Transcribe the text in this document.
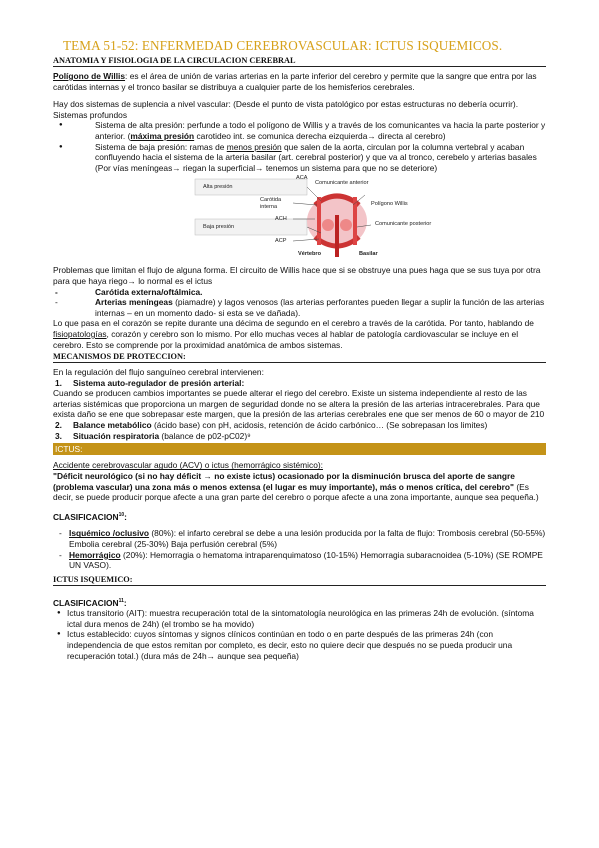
TEMA 51-52: ENFERMEDAD CEREBROVASCULAR: ICTUS ISQUEMICOS.
ANATOMIA Y FISIOLOGIA DE LA CIRCULACION CEREBRAL

Polígono de Willis: es el área de unión de varias arterias en la parte inferior del cerebro y permite que la sangre que entra por las carótidas internas y el tronco basilar se distribuya a cualquier parte de los hemisferios cerebrales.

Hay dos sistemas de suplencia a nivel vascular: (Desde el punto de vista patológico por estas estructuras no debería ocurrir). Sistemas profundos

● Sistema de alta presión: perfunde a todo el polígono de Willis y a través de los comunicantes va hacia la parte posterior y anterior. (máxima presión carotideo int. se comunica derecha eizquierda→ directa al cerebro)
● Sistema de baja presión: ramas de menos presión que salen de la aorta, circulan por la columna vertebral y acaban confluyendo hacia el sistema de la arteria basilar (art. cerebral posterior) y que va al tronco, cerebelo y arterias basales (Por vías meníngeas→ riegan la superficial→ tenemos un sistema para que no se deteriore)
Alta presión
Baja presión
ACA
Comunicante anterior
Carótida interna	Polígono Willis
ACH
Comunicante posterior
ACP
Vértebro	Basilar

Problemas que limitan el flujo de alguna forma. El circuito de Willis hace que si se obstruye una pues haga que se sus tuya por otra para que haya riego→ lo normal es el ictus

- Carótida externa/oftálmica.
- Arterias meníngeas (piamadre) y lagos venosos (las arterias perforantes pueden llegar a suplir la función de las arterias internas – en un momento dado- si esta se ve dañada).

Lo que pasa en el corazón se repite durante una décima de segundo en el cerebro a través de la carótida. Por tanto, hablando de fisiopatologías, corazón y cerebro son lo mismo. Por ello muchas veces al hablar de patología cardiovascular se incluye en el cerebro. Esto se comprende por la proximidad anatómica de ambos sistemas.

MECANISMOS DE PROTECCION:

En la regulación del flujo sanguíneo cerebral intervienen:

1. Sistema auto-regulador de presión arterial:

Cuando se producen cambios importantes se puede alterar el riego del cerebro. Existe un sistema independiente al resto de las arterias sistémicas que proporciona un margen de seguridad donde no se altera la presión de las arterias intracerebrales. Para que exista daño se ene que sobrepasar este margen, que la presión de las arterias cerebrales ene que ser menos de 60 o mayor de 210

2. Balance metabólico (ácido base) con pH, acidosis, retención de ácido carbónico… (Se sobrepasan los limites)
3. Situación respiratoria (balance de p02-pC02)⁹
ICTUS:
Accidente cerebrovascular agudo (ACV) o ictus (hemorrágico sistémico):

"Déficit neurológico (si no hay déficit → no existe ictus) ocasionado por la disminución brusca del aporte de sangre (problema vascular) una zona más o menos extensa (el lugar es muy importante), más o menos crítica, del cerebro" (Es decir, se puede producir porque afecte a una gran parte del cerebro o porque afecte a una zona importante, aunque sea pequeña.)

CLASIFICACION$^{10}$:

- Isquémico /oclusivo (80%): el infarto cerebral se debe a una lesión producida por la falta de flujo: Trombosis cerebral (50-55%) Embolia cerebral (25-30%) Baja perfusión cerebral (5%)
- Hemorrágico (20%): Hemorragia o hematoma intraparenquimatoso (10-15%) Hemorragia subaracnoidea (5-10%) (SE ROMPE UN VASO).
ICTUS ISQUEMICO:

CLASIFICACION$^{11}$:

● Ictus transitorio (AIT): muestra recuperación total de la sintomatología neurológica en las primeras 24h de evolución. (síntoma ictal dura menos de 24h) (el trombo se ha movido)
● Ictus establecido: cuyos síntomas y signos clínicos continúan en todo o en parte después de las primeras 24h (con independencia de que estos remitan por completo, es decir, esto no quiere decir que después no se pueda producir una recuperación total.) (dura más de 24h→ aunque sea pequeña)
